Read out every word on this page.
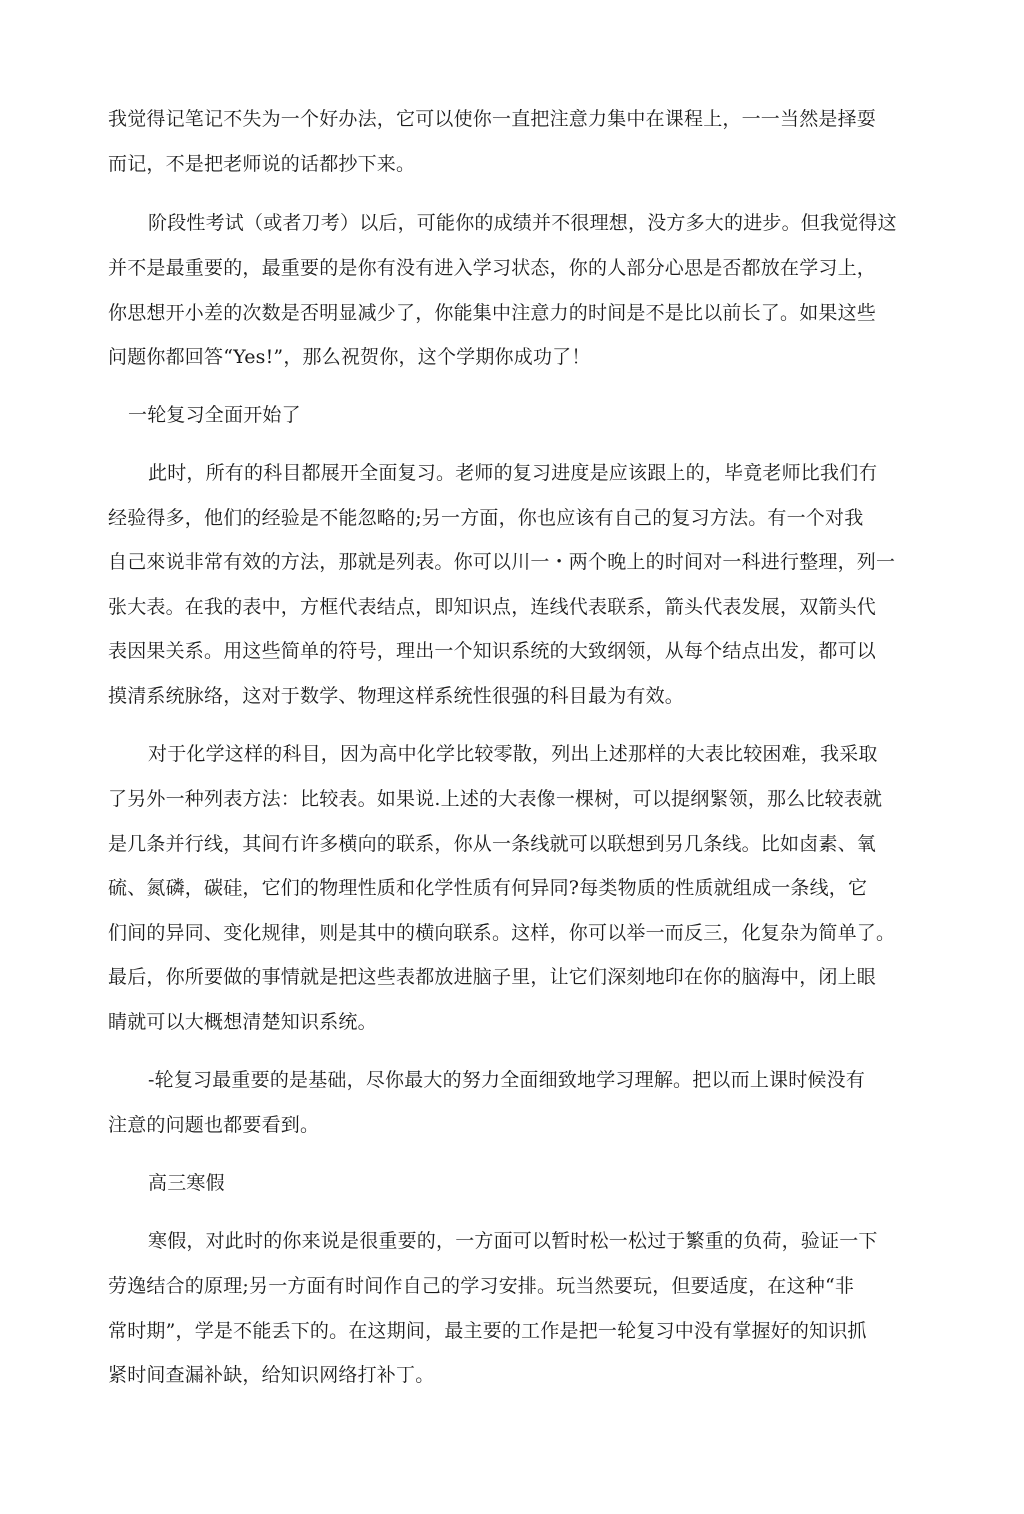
我觉得记笔记不失为一个好办法，它可以使你一直把注意力集中在课程上，一一当然是择耍

而记，不是把老师说的话都抄下来。

阶段性考试（或者刀考）以后，可能你的成绩并不很理想，没方多大的进步。但我觉得这

并不是最重要的，最重要的是你有没有进入学习状态，你的人部分心思是否都放在学习上，

你思想开小差的次数是否明显减少了，你能集中注意力的时间是不是比以前长了。如果这些

问题你都回答“Yes!”，那么祝贺你，这个学期你成功了！

一轮复习全面开始了

此时，所有的科目都展开全面复习。老师的复习进度是应该跟上的，毕竟老师比我们冇

经验得多，他们的经验是不能忽略的;另一方面，你也应该有自己的复习方法。有一个对我

自己來说非常有效的方法，那就是列表。你可以川一・两个晚上的时间对一科进行整理，列一

张大表。在我的表中，方框代表结点，即知识点，连线代表联系，箭头代表发展，双箭头代

表因果关系。用这些简单的符号，理出一个知识系统的大致纲领，从每个结点出发，都可以

摸清系统脉络，这对于数学、物理这样系统性很强的科目最为有效。

对于化学这样的科目，因为高中化学比较零散，列出上述那样的大表比较困难，我采取

了另外一种列表方法：比较表。如果说.上述的大表像一棵树，可以提纲緊领，那么比较表就

是几条并行线，其间冇许多横向的联系，你从一条线就可以联想到另几条线。比如卤素、氧

硫、氮磷，碳硅，它们的物理性质和化学性质有何异同?每类物质的性质就组成一条线，它

们间的异同、变化规律，则是其中的横向联系。这样，你可以举一而反三，化复杂为简单了。

最后，你所要做的事情就是把这些表都放进脑子里，让它们深刻地印在你的脑海中，闭上眼

睛就可以大概想清楚知识系统。

-轮复习最重要的是基础，尽你最大的努力全面细致地学习理解。把以而上课时候没有

注意的问题也都要看到。

高三寒假

寒假，对此时的你来说是很重要的，一方面可以暂时松一松过于繁重的负荷，验证一下

劳逸结合的原理;另一方面有时间作自己的学习安排。玩当然要玩，但要适度，在这种“非

常时期”，学是不能丢下的。在这期间，最主要的工作是把一轮复习中没有掌握好的知识抓

紧时间查漏补缺，给知识网络打补丁。
